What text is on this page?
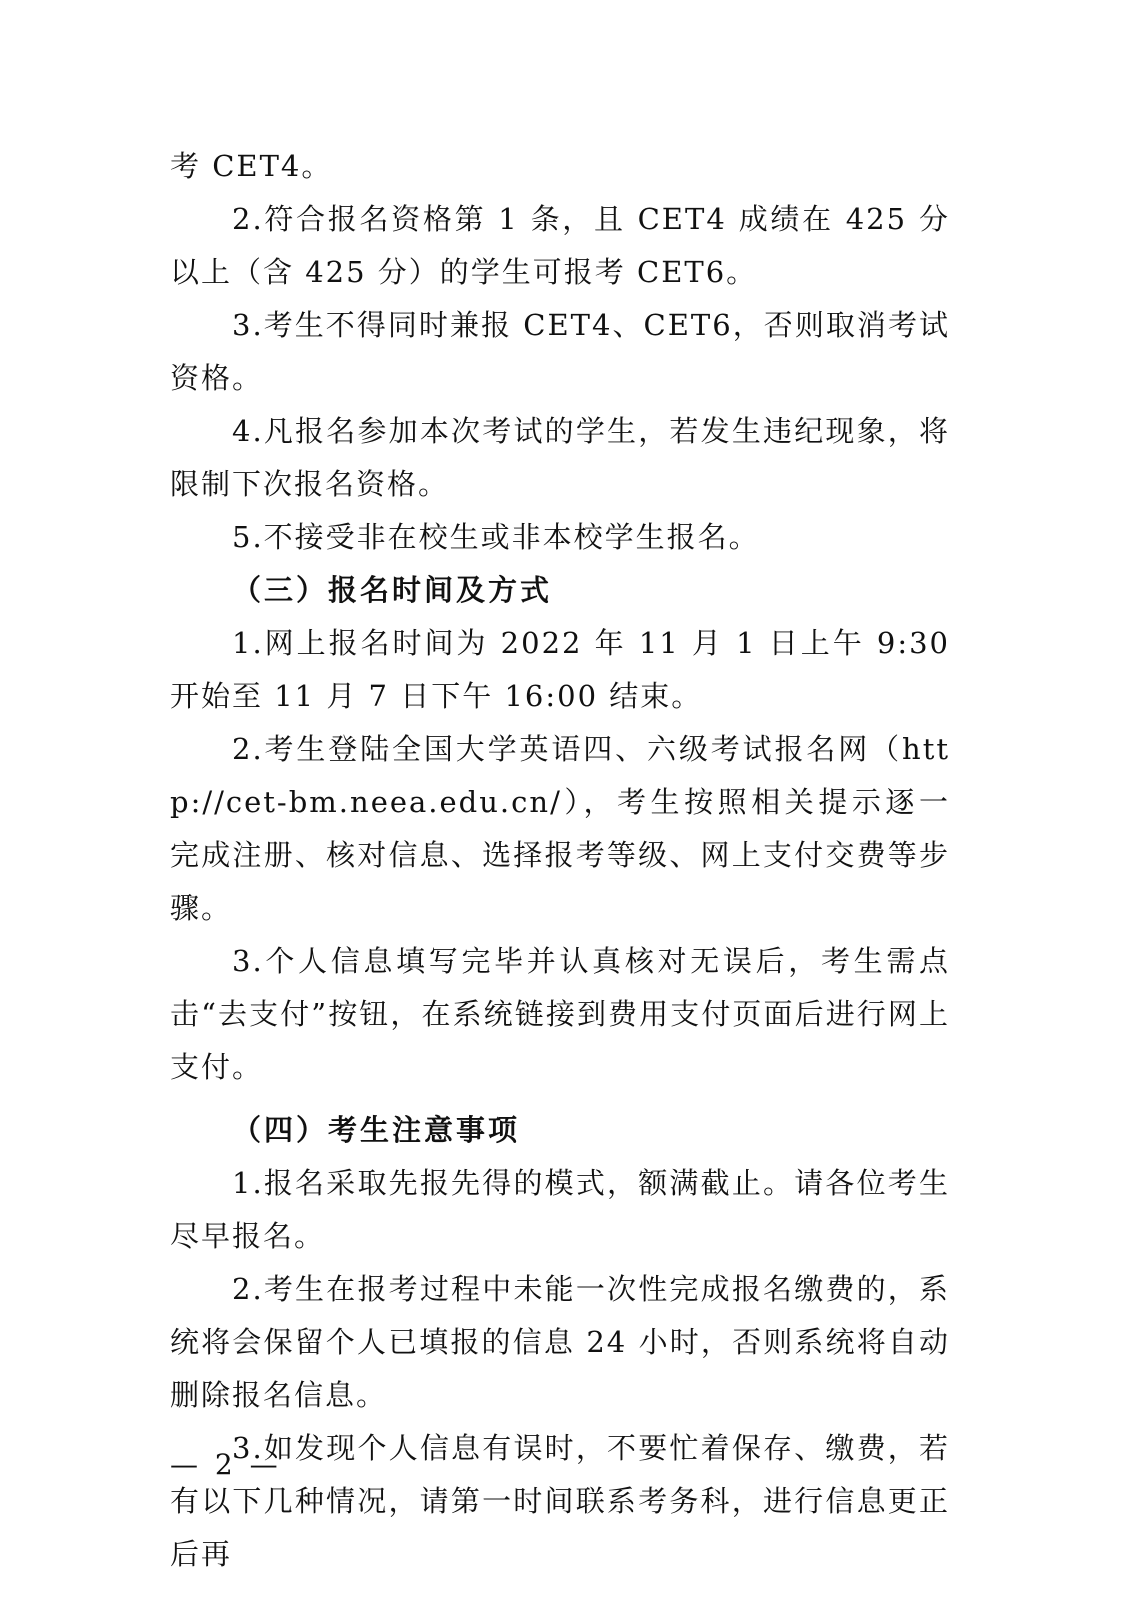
考 CET4。

2.符合报名资格第 1 条，且 CET4 成绩在 425 分以上（含 425 分）的学生可报考 CET6。

3.考生不得同时兼报 CET4、CET6，否则取消考试资格。

4.凡报名参加本次考试的学生，若发生违纪现象，将限制下次报名资格。

5.不接受非在校生或非本校学生报名。

（三）报名时间及方式

1.网上报名时间为 2022 年 11 月 1 日上午 9:30 开始至 11 月 7 日下午 16:00 结束。

2.考生登陆全国大学英语四、六级考试报名网（http://cet-bm.neea.edu.cn/），考生按照相关提示逐一完成注册、核对信息、选择报考等级、网上支付交费等步骤。

3.个人信息填写完毕并认真核对无误后，考生需点击“去支付”按钮，在系统链接到费用支付页面后进行网上支付。

（四）考生注意事项

1.报名采取先报先得的模式，额满截止。请各位考生尽早报名。

2.考生在报考过程中未能一次性完成报名缴费的，系统将会保留个人已填报的信息 24 小时，否则系统将自动删除报名信息。

3.如发现个人信息有误时，不要忙着保存、缴费，若有以下几种情况，请第一时间联系考务科，进行信息更正后再

— 2 —
